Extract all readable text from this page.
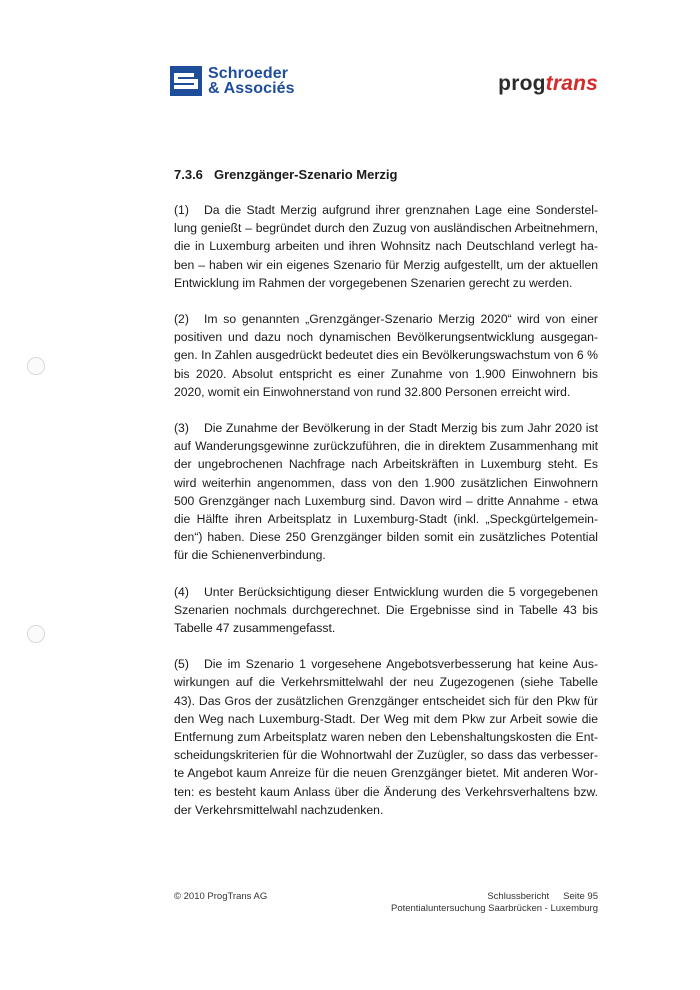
Schroeder
& Associés	progtrans
7.3.6 Grenzgänger-Szenario Merzig

(1) Da die Stadt Merzig aufgrund ihrer grenznahen Lage eine Sonderstellung genießt – begründet durch den Zuzug von ausländischen Arbeitnehmern, die in Luxemburg arbeiten und ihren Wohnsitz nach Deutschland verlegt haben – haben wir ein eigenes Szenario für Merzig aufgestellt, um der aktuellen Entwicklung im Rahmen der vorgegebenen Szenarien gerecht zu werden.

(2) Im so genannten „Grenzgänger-Szenario Merzig 2020“ wird von einer positiven und dazu noch dynamischen Bevölkerungsentwicklung ausgegangen. In Zahlen ausgedrückt bedeutet dies ein Bevölkerungswachstum von 6 % bis 2020. Absolut entspricht es einer Zunahme von 1.900 Einwohnern bis 2020, womit ein Einwohnerstand von rund 32.800 Personen erreicht wird.

(3) Die Zunahme der Bevölkerung in der Stadt Merzig bis zum Jahr 2020 ist auf Wanderungsgewinne zurückzuführen, die in direktem Zusammenhang mit der ungebrochenen Nachfrage nach Arbeitskräften in Luxemburg steht. Es wird weiterhin angenommen, dass von den 1.900 zusätzlichen Einwohnern 500 Grenzgänger nach Luxemburg sind. Davon wird – dritte Annahme - etwa die Hälfte ihren Arbeitsplatz in Luxemburg-Stadt (inkl. „Speckgürtelgemeinden“) haben. Diese 250 Grenzgänger bilden somit ein zusätzliches Potential für die Schienenverbindung.

(4) Unter Berücksichtigung dieser Entwicklung wurden die 5 vorgegebenen Szenarien nochmals durchgerechnet. Die Ergebnisse sind in Tabelle 43 bis Tabelle 47 zusammengefasst.

(5) Die im Szenario 1 vorgesehene Angebotsverbesserung hat keine Auswirkungen auf die Verkehrsmittelwahl der neu Zugezogenen (siehe Tabelle 43). Das Gros der zusätzlichen Grenzgänger entscheidet sich für den Pkw für den Weg nach Luxemburg-Stadt. Der Weg mit dem Pkw zur Arbeit sowie die Entfernung zum Arbeitsplatz waren neben den Lebenshaltungskosten die Entscheidungskriterien für die Wohnortwahl der Zuzügler, so dass das verbesserte Angebot kaum Anreize für die neuen Grenzgänger bietet. Mit anderen Worten: es besteht kaum Anlass über die Änderung des Verkehrsverhaltens bzw. der Verkehrsmittelwahl nachzudenken.

© 2010 ProgTrans AG	Schlussbericht Seite 95
Potentialuntersuchung Saarbrücken - Luxemburg
